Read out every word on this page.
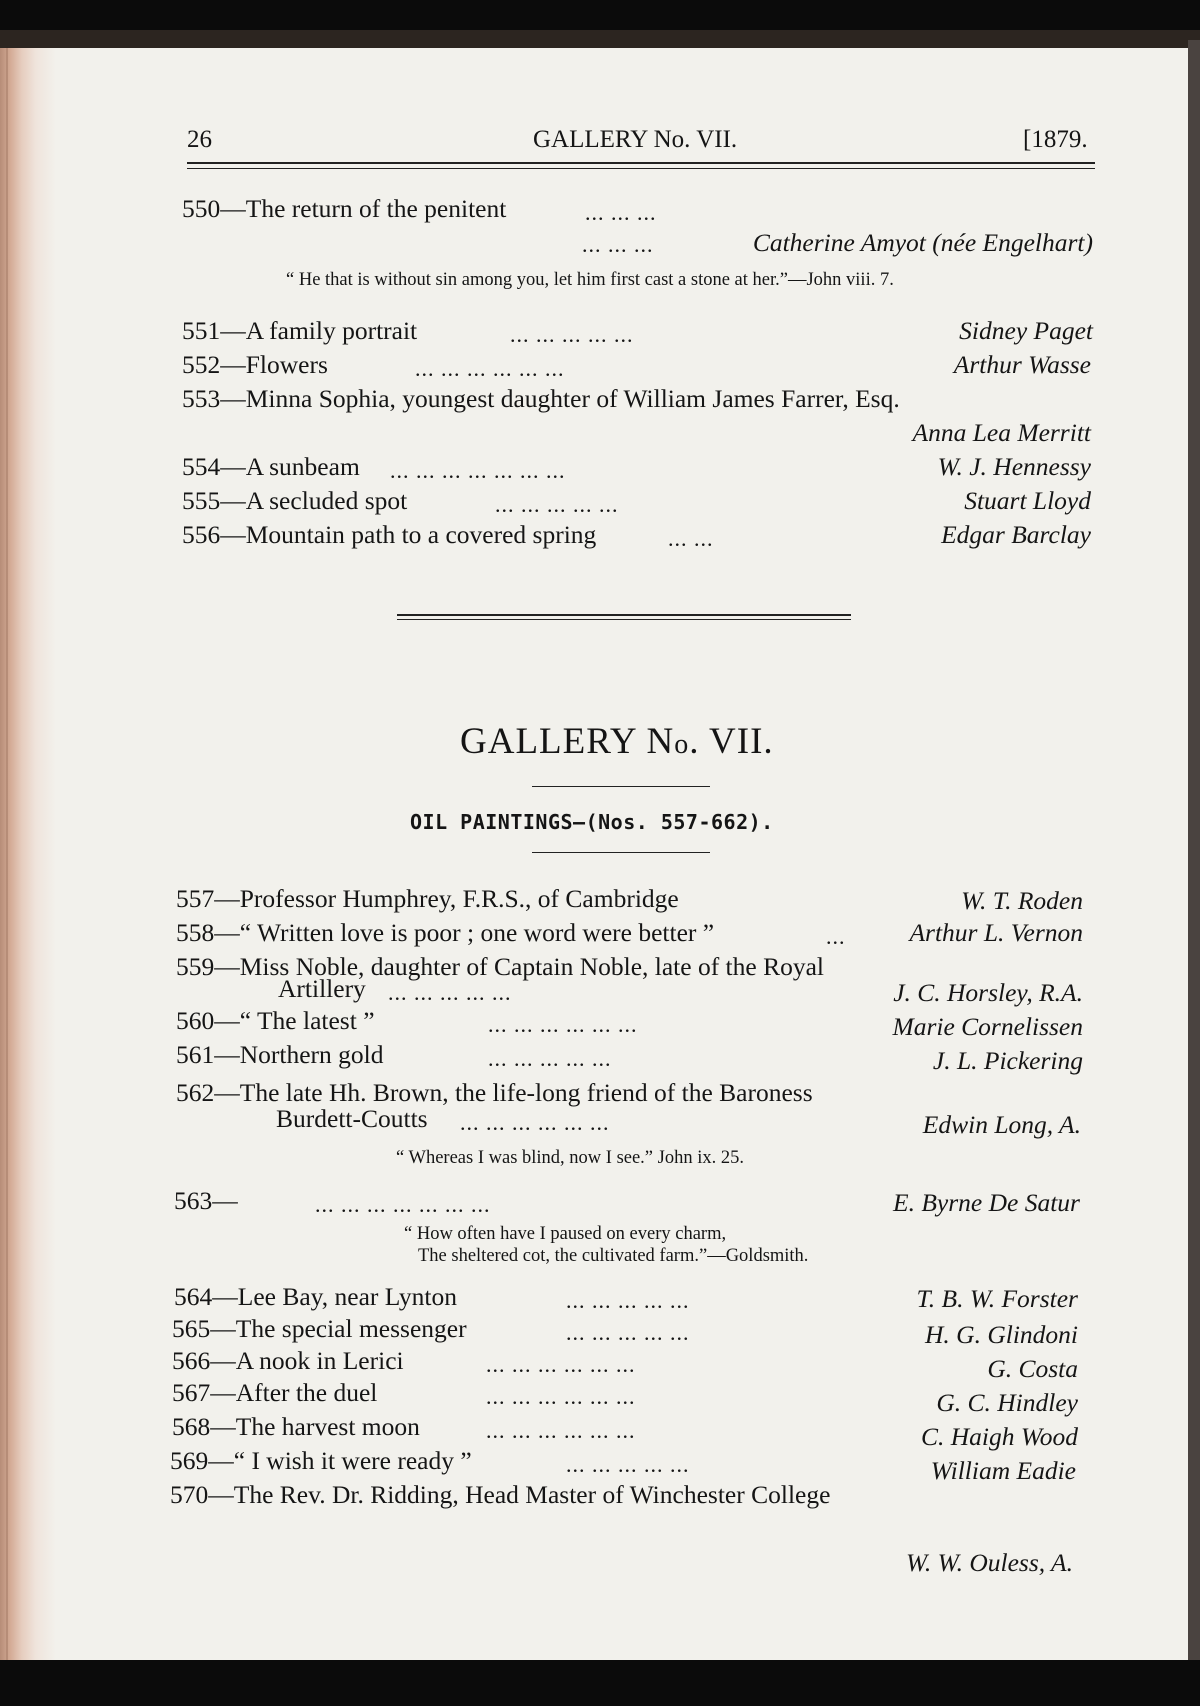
26	GALLERY No. VII.	[1879.
550—The return of the penitent	... ... ...
... ... ...	Catherine Amyot (née Engelhart)
“ He that is without sin among you, let him first cast a stone at her.”—John viii. 7.
551—A family portrait	... ... ... ... ...	Sidney Paget
552—Flowers	... ... ... ... ... ...	Arthur Wasse
553—Minna Sophia, youngest daughter of William James Farrer, Esq.
Anna Lea Merritt
554—A sunbeam ... ... ... ... ... ... ...	W. J. Hennessy
555—A secluded spot	... ... ... ... ...	Stuart Lloyd
556—Mountain path to a covered spring	... ...	Edgar Barclay
GALLERY No. VII.
OIL PAINTINGS—(Nos. 557-662).
557—Professor Humphrey, F.R.S., of Cambridge	W. T. Roden
558—“ Written love is poor ; one word were better ”	...	Arthur L. Vernon
559—Miss Noble, daughter of Captain Noble, late of the Royal
Artillery ... ... ... ... ...	J. C. Horsley, R.A.
560—“ The latest ”	... ... ... ... ... ...	Marie Cornelissen
561—Northern gold	... ... ... ... ...	J. L. Pickering
562—The late Hh. Brown, the life-long friend of the Baroness
Burdett-Coutts ... ... ... ... ... ...	Edwin Long, A.
“ Whereas I was blind, now I see.” John ix. 25.
563—	... ... ... ... ... ... ...	E. Byrne De Satur
“ How often have I paused on every charm,
The sheltered cot, the cultivated farm.”—Goldsmith.
564—Lee Bay, near Lynton	... ... ... ... ...	T. B. W. Forster
565—The special messenger	... ... ... ... ...	H. G. Glindoni
566—A nook in Lerici	... ... ... ... ... ...	G. Costa
567—After the duel	... ... ... ... ... ...	G. C. Hindley
568—The harvest moon	... ... ... ... ... ...	C. Haigh Wood
569—“ I wish it were ready ”	... ... ... ... ...	William Eadie
570—The Rev. Dr. Ridding, Head Master of Winchester College
W. W. Ouless, A.
